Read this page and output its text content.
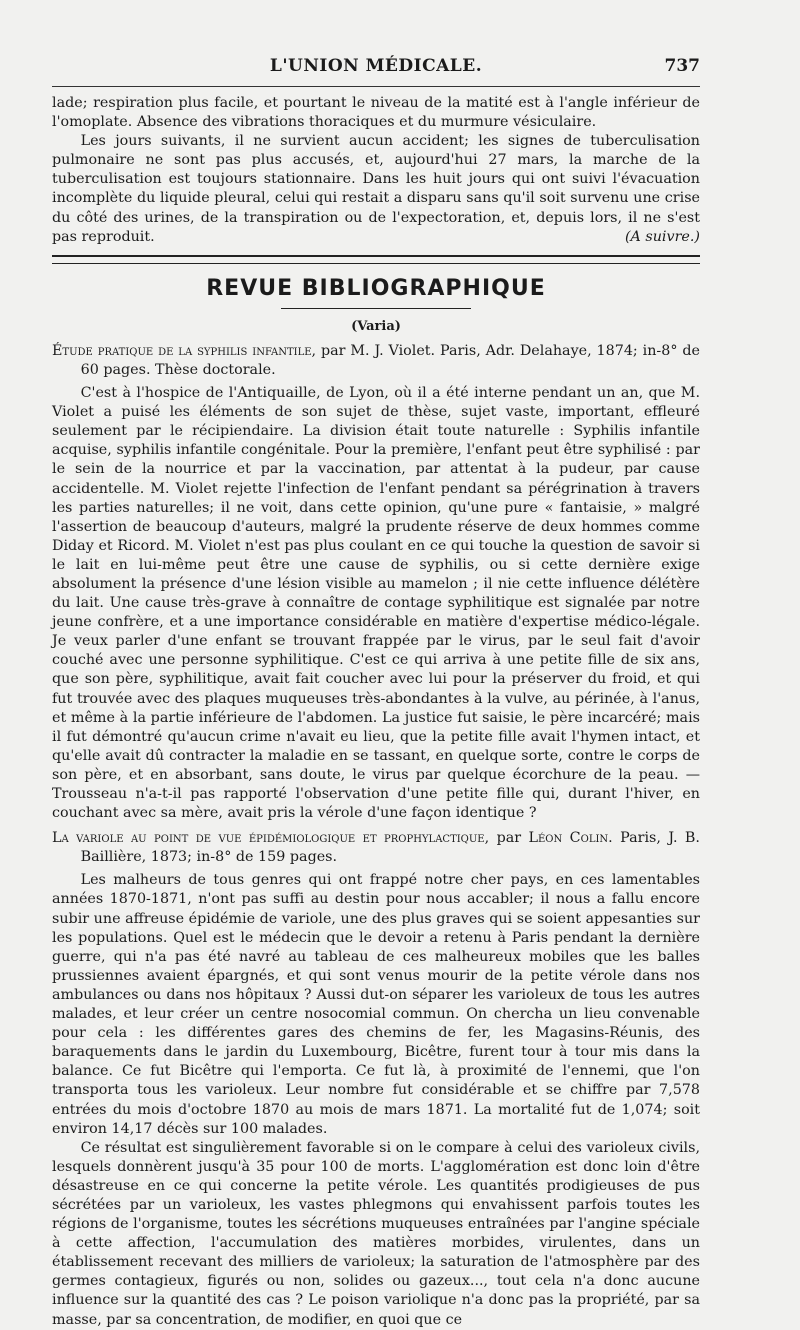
L'UNION MÉDICALE.	737

lade; respiration plus facile, et pourtant le niveau de la matité est à l'angle inférieur de l'omoplate. Absence des vibrations thoraciques et du murmure vésiculaire.

Les jours suivants, il ne survient aucun accident; les signes de tuberculisation pulmonaire ne sont pas plus accusés, et, aujourd'hui 27 mars, la marche de la tuberculisation est toujours stationnaire. Dans les huit jours qui ont suivi l'évacuation incomplète du liquide pleural, celui qui restait a disparu sans qu'il soit survenu une crise du côté des urines, de la transpiration ou de l'expectoration, et, depuis lors, il ne s'est pas reproduit.	(A suivre.)

REVUE BIBLIOGRAPHIQUE
(Varia)
Étude pratique de la syphilis infantile, par M. J. Violet. Paris, Adr. Delahaye, 1874; in-8° de 60 pages. Thèse doctorale.

C'est à l'hospice de l'Antiquaille, de Lyon, où il a été interne pendant un an, que M. Violet a puisé les éléments de son sujet de thèse, sujet vaste, important, effleuré seulement par le récipiendaire. La division était toute naturelle : Syphilis infantile acquise, syphilis infantile congénitale. Pour la première, l'enfant peut être syphilisé : par le sein de la nourrice et par la vaccination, par attentat à la pudeur, par cause accidentelle. M. Violet rejette l'infection de l'enfant pendant sa pérégrination à travers les parties naturelles; il ne voit, dans cette opinion, qu'une pure « fantaisie, » malgré l'assertion de beaucoup d'auteurs, malgré la prudente réserve de deux hommes comme Diday et Ricord. M. Violet n'est pas plus coulant en ce qui touche la question de savoir si le lait en lui-même peut être une cause de syphilis, ou si cette dernière exige absolument la présence d'une lésion visible au mamelon ; il nie cette influence délétère du lait. Une cause très-grave à connaître de contage syphilitique est signalée par notre jeune confrère, et a une importance considérable en matière d'expertise médico-légale. Je veux parler d'une enfant se trouvant frappée par le virus, par le seul fait d'avoir couché avec une personne syphilitique. C'est ce qui arriva à une petite fille de six ans, que son père, syphilitique, avait fait coucher avec lui pour la préserver du froid, et qui fut trouvée avec des plaques muqueuses très-abondantes à la vulve, au périnée, à l'anus, et même à la partie inférieure de l'abdomen. La justice fut saisie, le père incarcéré; mais il fut démontré qu'aucun crime n'avait eu lieu, que la petite fille avait l'hymen intact, et qu'elle avait dû contracter la maladie en se tassant, en quelque sorte, contre le corps de son père, et en absorbant, sans doute, le virus par quelque écorchure de la peau. — Trousseau n'a-t-il pas rapporté l'observation d'une petite fille qui, durant l'hiver, en couchant avec sa mère, avait pris la vérole d'une façon identique ?

La variole au point de vue épidémiologique et prophylactique, par Léon Colin. Paris, J. B. Baillière, 1873; in-8° de 159 pages.

Les malheurs de tous genres qui ont frappé notre cher pays, en ces lamentables années 1870-1871, n'ont pas suffi au destin pour nous accabler; il nous a fallu encore subir une affreuse épidémie de variole, une des plus graves qui se soient appesanties sur les populations. Quel est le médecin que le devoir a retenu à Paris pendant la dernière guerre, qui n'a pas été navré au tableau de ces malheureux mobiles que les balles prussiennes avaient épargnés, et qui sont venus mourir de la petite vérole dans nos ambulances ou dans nos hôpitaux ? Aussi dut-on séparer les varioleux de tous les autres malades, et leur créer un centre nosocomial commun. On chercha un lieu convenable pour cela : les différentes gares des chemins de fer, les Magasins-Réunis, des baraquements dans le jardin du Luxembourg, Bicêtre, furent tour à tour mis dans la balance. Ce fut Bicêtre qui l'emporta. Ce fut là, à proximité de l'ennemi, que l'on transporta tous les varioleux. Leur nombre fut considérable et se chiffre par 7,578 entrées du mois d'octobre 1870 au mois de mars 1871. La mortalité fut de 1,074; soit environ 14,17 décès sur 100 malades.

Ce résultat est singulièrement favorable si on le compare à celui des varioleux civils, lesquels donnèrent jusqu'à 35 pour 100 de morts. L'agglomération est donc loin d'être désastreuse en ce qui concerne la petite vérole. Les quantités prodigieuses de pus sécrétées par un varioleux, les vastes phlegmons qui envahissent parfois toutes les régions de l'organisme, toutes les sécrétions muqueuses entraînées par l'angine spéciale à cette affection, l'accumulation des matières morbides, virulentes, dans un établissement recevant des milliers de varioleux; la saturation de l'atmosphère par des germes contagieux, figurés ou non, solides ou gazeux..., tout cela n'a donc aucune influence sur la quantité des cas ? Le poison variolique n'a donc pas la propriété, par sa masse, par sa concentration, de modifier, en quoi que ce
